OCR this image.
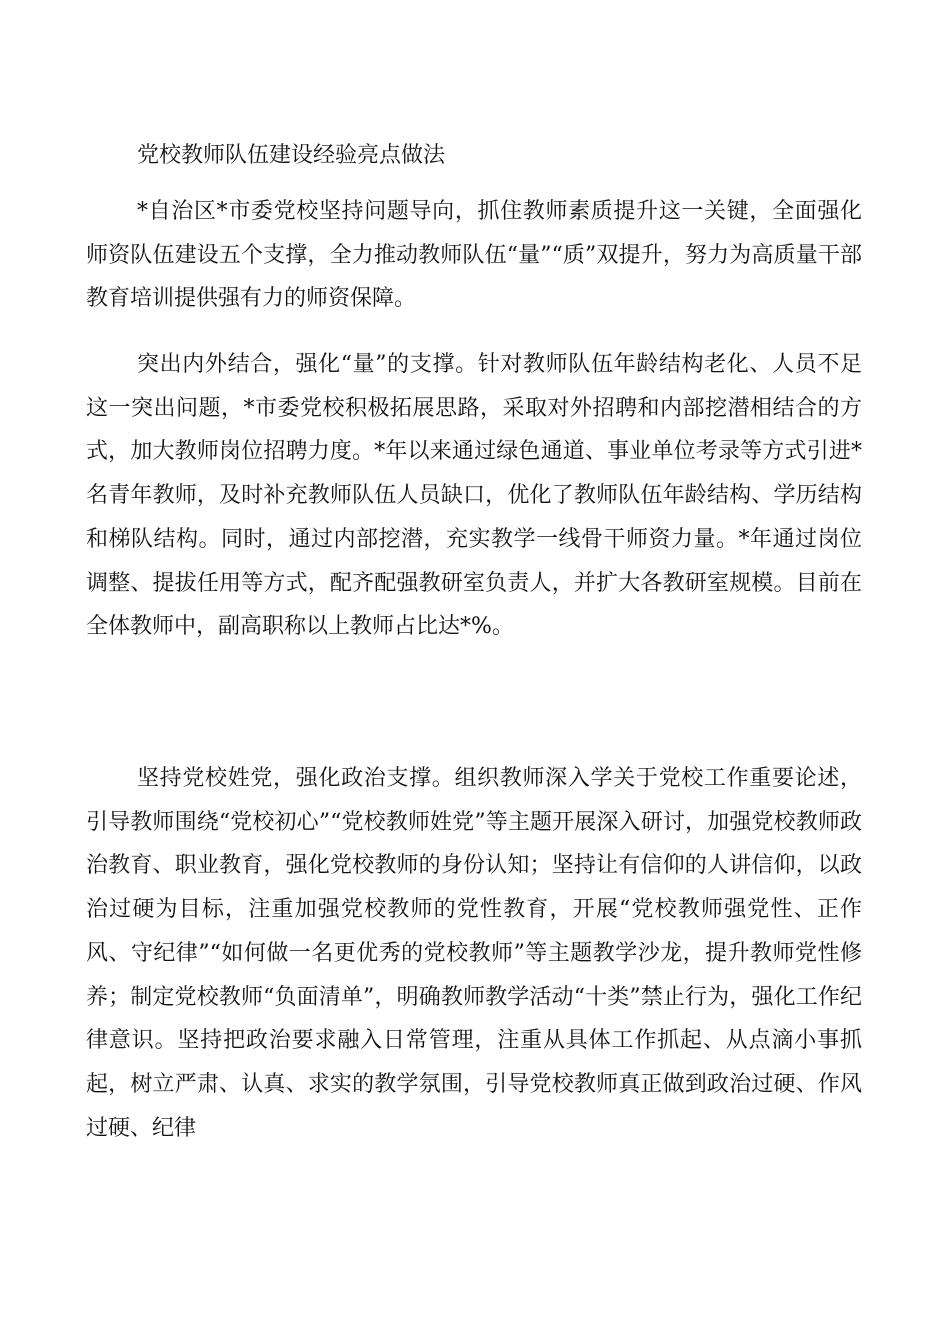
党校教师队伍建设经验亮点做法

*自治区*市委党校坚持问题导向，抓住教师素质提升这一关键，全面强化师资队伍建设五个支撑，全力推动教师队伍“量”“质”双提升，努力为高质量干部教育培训提供强有力的师资保障。

突出内外结合，强化“量”的支撑。针对教师队伍年龄结构老化、人员不足这一突出问题，*市委党校积极拓展思路，采取对外招聘和内部挖潜相结合的方式，加大教师岗位招聘力度。*年以来通过绿色通道、事业单位考录等方式引进*名青年教师，及时补充教师队伍人员缺口，优化了教师队伍年龄结构、学历结构和梯队结构。同时，通过内部挖潜，充实教学一线骨干师资力量。*年通过岗位调整、提拔任用等方式，配齐配强教研室负责人，并扩大各教研室规模。目前在全体教师中，副高职称以上教师占比达*%。

坚持党校姓党，强化政治支撑。组织教师深入学关于党校工作重要论述，引导教师围绕“党校初心”“党校教师姓党”等主题开展深入研讨，加强党校教师政治教育、职业教育，强化党校教师的身份认知；坚持让有信仰的人讲信仰，以政治过硬为目标，注重加强党校教师的党性教育，开展“党校教师强党性、正作风、守纪律”“如何做一名更优秀的党校教师”等主题教学沙龙，提升教师党性修养；制定党校教师“负面清单”，明确教师教学活动“十类”禁止行为，强化工作纪律意识。坚持把政治要求融入日常管理，注重从具体工作抓起、从点滴小事抓起，树立严肃、认真、求实的教学氛围，引导党校教师真正做到政治过硬、作风过硬、纪律
